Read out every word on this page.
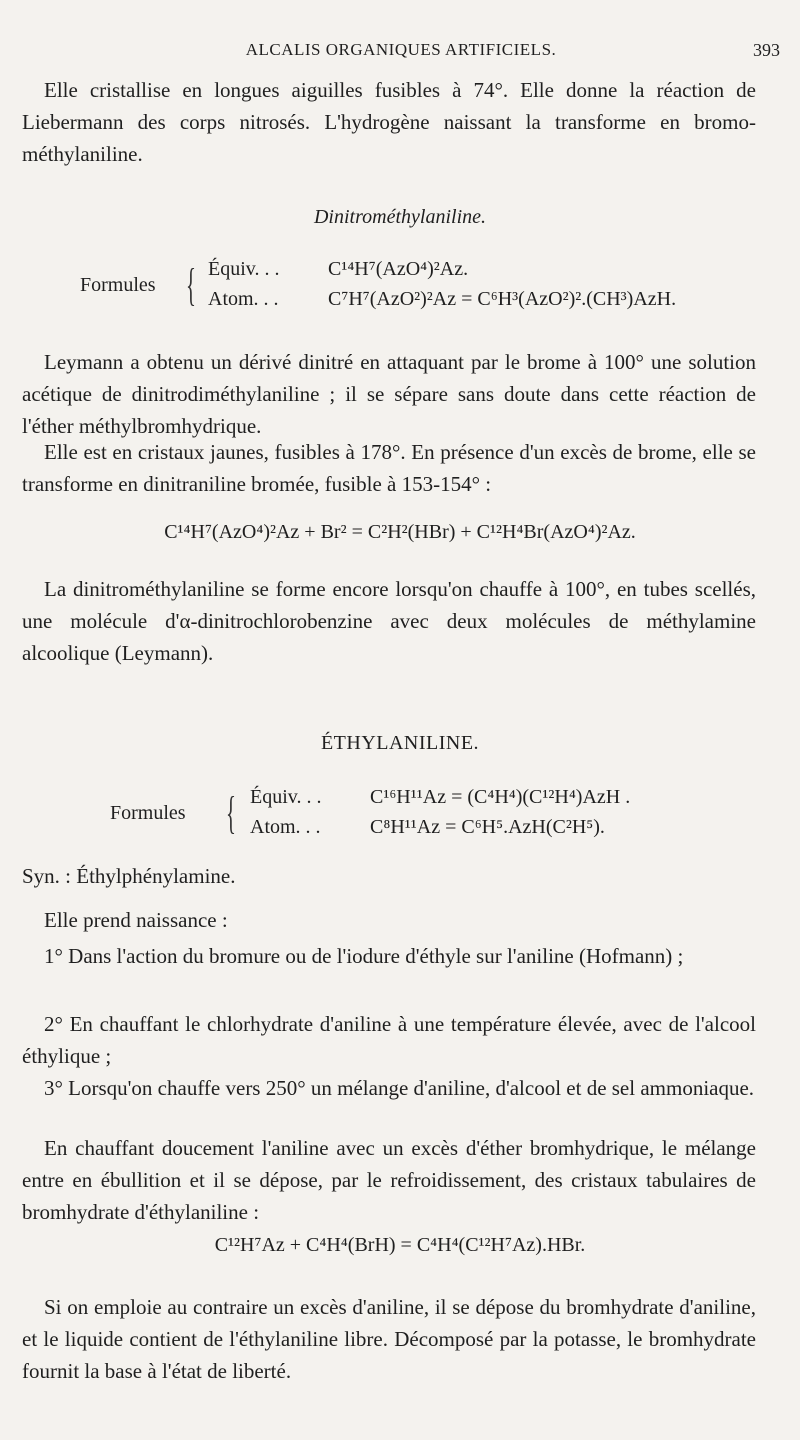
ALCALIS ORGANIQUES ARTIFICIELS.	393

Elle cristallise en longues aiguilles fusibles à 74°. Elle donne la réaction de Liebermann des corps nitrosés. L'hydrogène naissant la transforme en bromo-méthylaniline.

Dinitrométhylaniline.

Formules { Équiv. . . C¹⁴H⁷(AzO⁴)²Az.
Atom. . . C⁷H⁷(AzO²)²Az = C⁶H³(AzO²)².(CH³)AzH.

Leymann a obtenu un dérivé dinitré en attaquant par le brome à 100° une solution acétique de dinitrodiméthylaniline ; il se sépare sans doute dans cette réaction de l'éther méthylbromhydrique.

Elle est en cristaux jaunes, fusibles à 178°. En présence d'un excès de brome, elle se transforme en dinitraniline bromée, fusible à 153-154° :

C¹⁴H⁷(AzO⁴)²Az + Br² = C²H²(HBr) + C¹²H⁴Br(AzO⁴)²Az.

La dinitrométhylaniline se forme encore lorsqu'on chauffe à 100°, en tubes scellés, une molécule d'α-dinitrochlorobenzine avec deux molécules de méthylamine alcoolique (Leymann).

ÉTHYLANILINE.

Formules { Équiv. . . C¹⁶H¹¹Az = (C⁴H⁴)(C¹²H⁴)AzH .
Atom. . . C⁸H¹¹Az = C⁶H⁵.AzH(C²H⁵).

Syn. : Éthylphénylamine.

Elle prend naissance :

1° Dans l'action du bromure ou de l'iodure d'éthyle sur l'aniline (Hofmann) ;

2° En chauffant le chlorhydrate d'aniline à une température élevée, avec de l'alcool éthylique ;

3° Lorsqu'on chauffe vers 250° un mélange d'aniline, d'alcool et de sel ammoniaque.

En chauffant doucement l'aniline avec un excès d'éther bromhydrique, le mélange entre en ébullition et il se dépose, par le refroidissement, des cristaux tabulaires de bromhydrate d'éthylaniline :

C¹²H⁷Az + C⁴H⁴(BrH) = C⁴H⁴(C¹²H⁷Az).HBr.

Si on emploie au contraire un excès d'aniline, il se dépose du bromhydrate d'aniline, et le liquide contient de l'éthylaniline libre. Décomposé par la potasse, le bromhydrate fournit la base à l'état de liberté.
